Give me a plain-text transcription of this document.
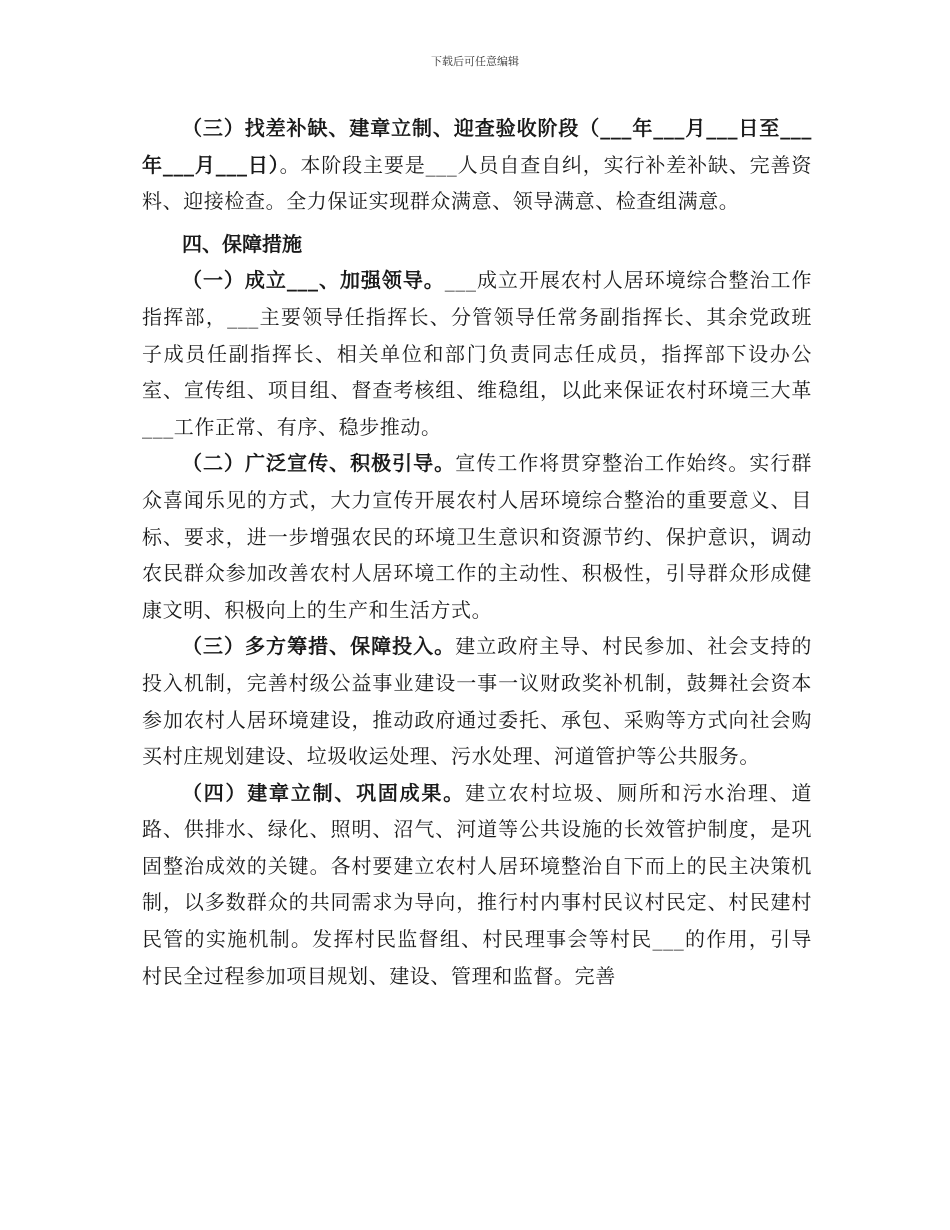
下载后可任意编辑

（三）找差补缺、建章立制、迎查验收阶段（___年___月___日至___年___月___日）。本阶段主要是___人员自查自纠，实行补差补缺、完善资料、迎接检查。全力保证实现群众满意、领导满意、检查组满意。

四、保障措施

（一）成立___、加强领导。___成立开展农村人居环境综合整治工作指挥部，___主要领导任指挥长、分管领导任常务副指挥长、其余党政班子成员任副指挥长、相关单位和部门负责同志任成员，指挥部下设办公室、宣传组、项目组、督查考核组、维稳组，以此来保证农村环境三大革___工作正常、有序、稳步推动。

（二）广泛宣传、积极引导。宣传工作将贯穿整治工作始终。实行群众喜闻乐见的方式，大力宣传开展农村人居环境综合整治的重要意义、目标、要求，进一步增强农民的环境卫生意识和资源节约、保护意识，调动农民群众参加改善农村人居环境工作的主动性、积极性，引导群众形成健康文明、积极向上的生产和生活方式。

（三）多方筹措、保障投入。建立政府主导、村民参加、社会支持的投入机制，完善村级公益事业建设一事一议财政奖补机制，鼓舞社会资本参加农村人居环境建设，推动政府通过委托、承包、采购等方式向社会购买村庄规划建设、垃圾收运处理、污水处理、河道管护等公共服务。

（四）建章立制、巩固成果。建立农村垃圾、厕所和污水治理、道路、供排水、绿化、照明、沼气、河道等公共设施的长效管护制度，是巩固整治成效的关键。各村要建立农村人居环境整治自下而上的民主决策机制，以多数群众的共同需求为导向，推行村内事村民议村民定、村民建村民管的实施机制。发挥村民监督组、村民理事会等村民___的作用，引导村民全过程参加项目规划、建设、管理和监督。完善
